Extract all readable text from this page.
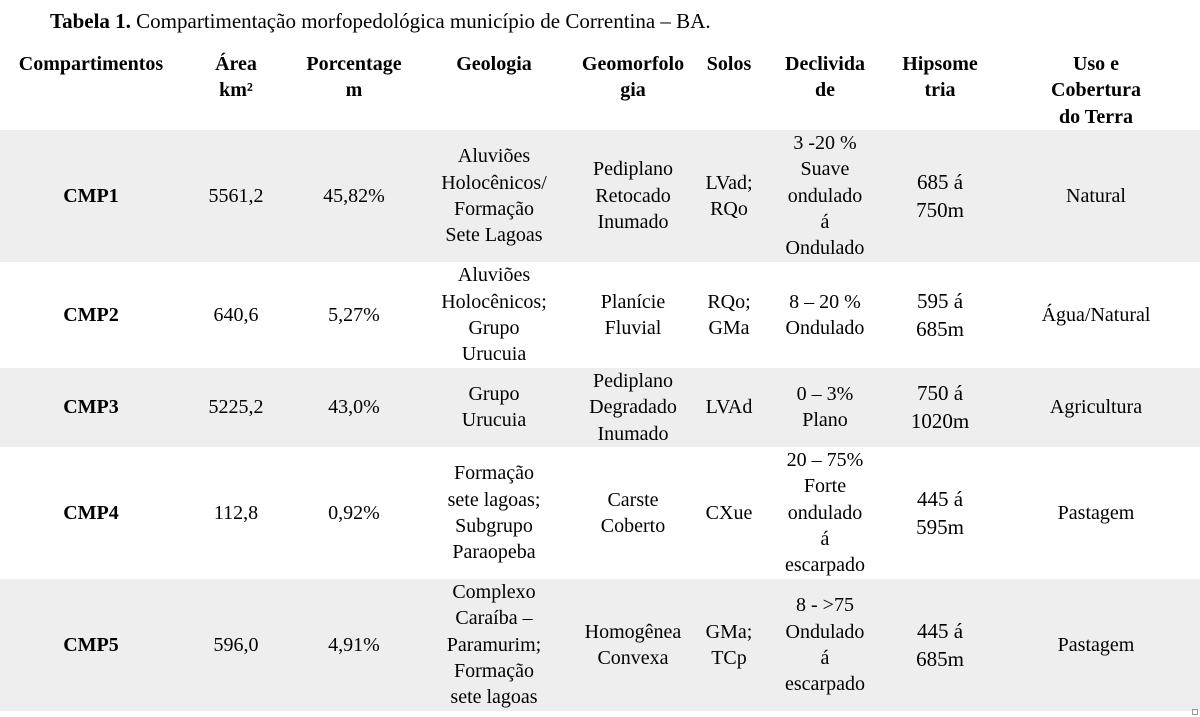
Tabela 1. Compartimentação morfopedológica município de Correntina – BA.
Compartimentos	Área
km²	Porcentage
m	Geologia	Geomorfolo
gia	Solos	Declivida
de	Hipsome
tria	Uso e
Cobertura
do Terra
CMP1	5561,2	45,82%	Aluviões
Holocênicos/
Formação
Sete Lagoas	Pediplano
Retocado
Inumado	LVad;
RQo	3 -20 %
Suave
ondulado
á
Ondulado	685 á
750m	Natural
CMP2	640,6	5,27%	Aluviões
Holocênicos;
Grupo
Urucuia	Planície
Fluvial	RQo;
GMa	8 – 20 %
Ondulado	595 á
685m	Água/Natural
CMP3	5225,2	43,0%	Grupo
Urucuia	Pediplano
Degradado
Inumado	LVAd	0 – 3%
Plano	750 á
1020m	Agricultura
CMP4	112,8	0,92%	Formação
sete lagoas;
Subgrupo
Paraopeba	Carste
Coberto	CXue	20 – 75%
Forte
ondulado
á
escarpado	445 á
595m	Pastagem
CMP5	596,0	4,91%	Complexo
Caraíba –
Paramurim;
Formação
sete lagoas	Homogênea
Convexa	GMa;
TCp	8 - >75
Ondulado
á
escarpado	445 á
685m	Pastagem
